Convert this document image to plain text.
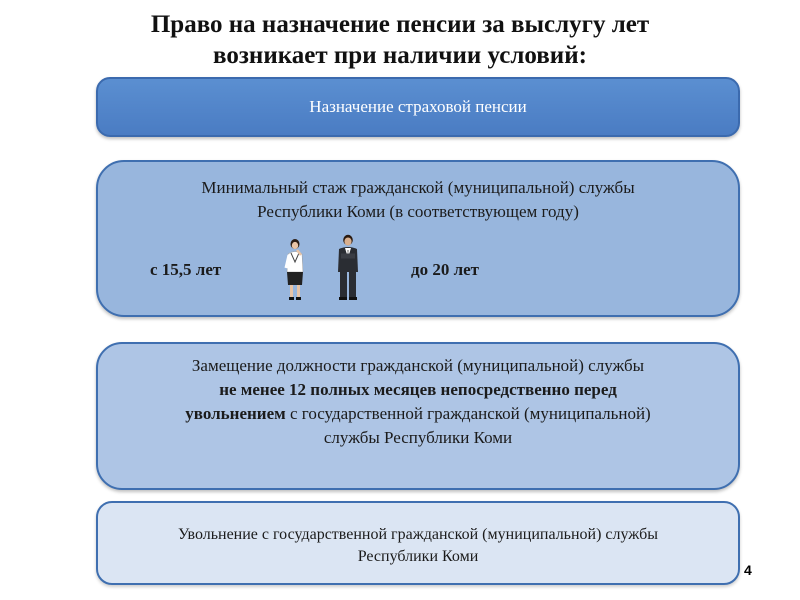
Право на назначение пенсии за выслугу лет
возникает при наличии условий:

Назначение страховой пенсии

Минимальный стаж гражданской (муниципальной) службы

Республики Коми (в соответствующем году)

с 15,5 лет	до 20 лет

Замещение должности гражданской (муниципальной) службы

не менее 12 полных месяцев непосредственно перед

увольнением с государственной гражданской (муниципальной)

службы Республики Коми

Увольнение с государственной гражданской (муниципальной) службы

Республики Коми

4
